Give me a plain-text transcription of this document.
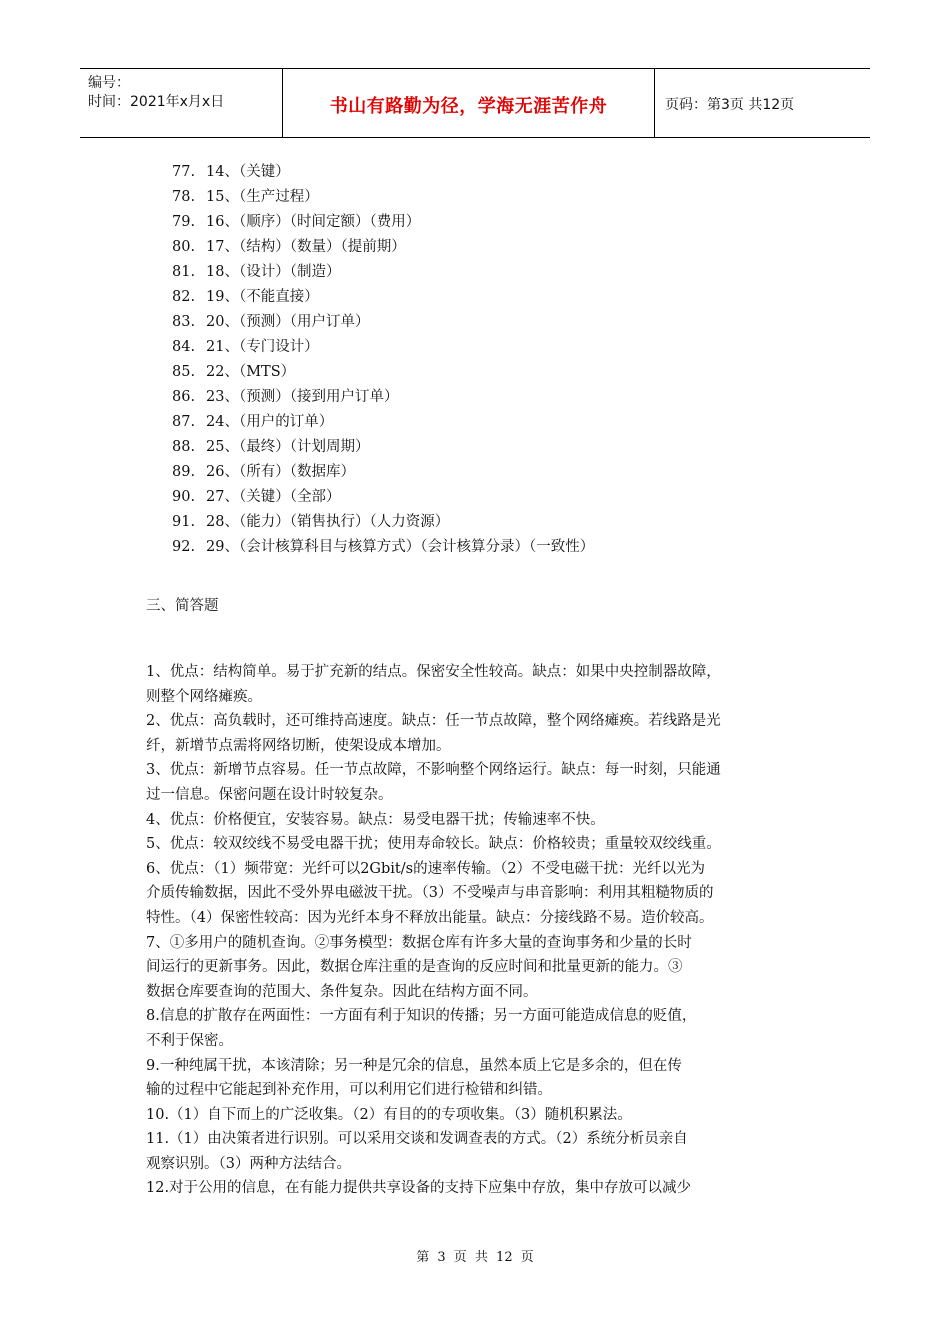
编号：
时间：2021年x月x日	书山有路勤为径，学海无涯苦作舟	页码：第3页 共12页
77. 14、（关键）
78. 15、（生产过程）
79. 16、（顺序）（时间定额）（费用）
80. 17、（结构）（数量）（提前期）
81. 18、（设计）（制造）
82. 19、（不能直接）
83. 20、（预测）（用户订单）
84. 21、（专门设计）
85. 22、（MTS）
86. 23、（预测）（接到用户订单）
87. 24、（用户的订单）
88. 25、（最终）（计划周期）
89. 26、（所有）（数据库）
90. 27、（关键）（全部）
91. 28、（能力）（销售执行）（人力资源）
92. 29、（会计核算科目与核算方式）（会计核算分录）（一致性）
三、简答题

1、优点：结构简单。易于扩充新的结点。保密安全性较高。缺点：如果中央控制器故障，

则整个网络瘫痪。

2、优点：高负载时，还可维持高速度。缺点：任一节点故障，整个网络瘫痪。若线路是光

纤，新增节点需将网络切断，使架设成本增加。

3、优点：新增节点容易。任一节点故障，不影响整个网络运行。缺点：每一时刻，只能通

过一信息。保密问题在设计时较复杂。

4、优点：价格便宜，安装容易。缺点：易受电器干扰；传输速率不快。

5、优点：较双绞线不易受电器干扰；使用寿命较长。缺点：价格较贵；重量较双绞线重。

6、优点：（1）频带宽：光纤可以2Gbit/s的速率传输。（2）不受电磁干扰：光纤以光为

介质传输数据，因此不受外界电磁波干扰。（3）不受噪声与串音影响：利用其粗糙物质的

特性。（4）保密性较高：因为光纤本身不释放出能量。缺点：分接线路不易。造价较高。

7、①多用户的随机查询。②事务模型：数据仓库有许多大量的查询事务和少量的长时

间运行的更新事务。因此，数据仓库注重的是查询的反应时间和批量更新的能力。③

数据仓库要查询的范围大、条件复杂。因此在结构方面不同。

8.信息的扩散存在两面性：一方面有利于知识的传播；另一方面可能造成信息的贬值，

不利于保密。

9.一种纯属干扰，本该清除；另一种是冗余的信息，虽然本质上它是多余的，但在传

输的过程中它能起到补充作用，可以利用它们进行检错和纠错。

10.（1）自下而上的广泛收集。（2）有目的的专项收集。（3）随机积累法。

11.（1）由决策者进行识别。可以采用交谈和发调查表的方式。（2）系统分析员亲自

观察识别。（3）两种方法结合。

12.对于公用的信息，在有能力提供共享设备的支持下应集中存放，集中存放可以减少

第 3 页 共 12 页
